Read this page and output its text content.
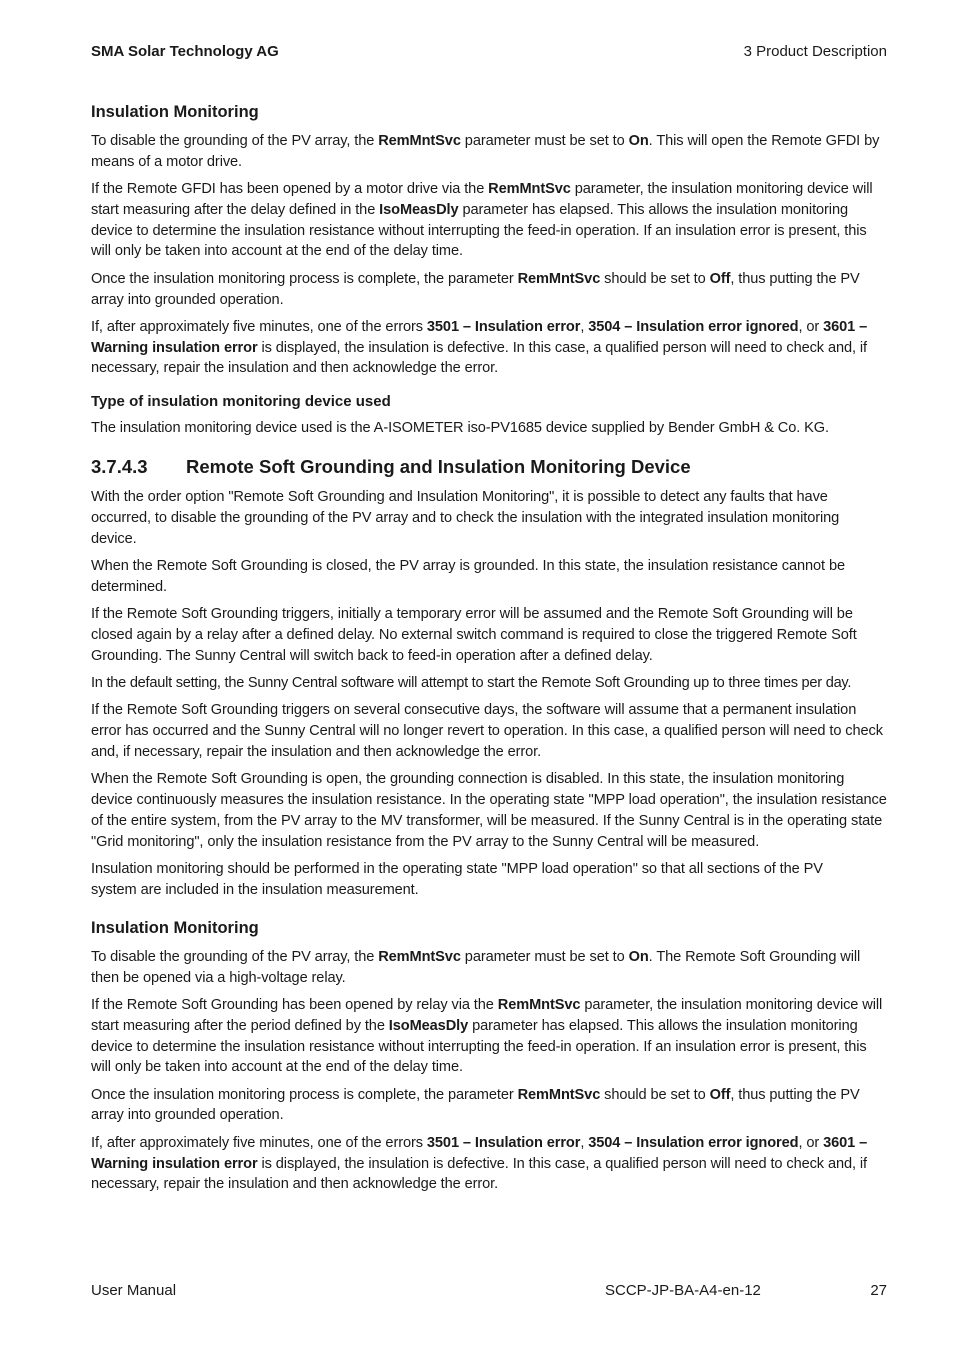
SMA Solar Technology AG	3 Product Description
Insulation Monitoring

To disable the grounding of the PV array, the RemMntSvc parameter must be set to On. This will open the Remote GFDI by means of a motor drive.

If the Remote GFDI has been opened by a motor drive via the RemMntSvc parameter, the insulation monitoring device will start measuring after the delay defined in the IsoMeasDly parameter has elapsed. This allows the insulation monitoring device to determine the insulation resistance without interrupting the feed-in operation. If an insulation error is present, this will only be taken into account at the end of the delay time.

Once the insulation monitoring process is complete, the parameter RemMntSvc should be set to Off, thus putting the PV array into grounded operation.

If, after approximately five minutes, one of the errors 3501 – Insulation error, 3504 – Insulation error ignored, or 3601 – Warning insulation error is displayed, the insulation is defective. In this case, a qualified person will need to check and, if necessary, repair the insulation and then acknowledge the error.

Type of insulation monitoring device used

The insulation monitoring device used is the A-ISOMETER iso-PV1685 device supplied by Bender GmbH & Co. KG.

3.7.4.3 Remote Soft Grounding and Insulation Monitoring Device

With the order option "Remote Soft Grounding and Insulation Monitoring", it is possible to detect any faults that have occurred, to disable the grounding of the PV array and to check the insulation with the integrated insulation monitoring device.

When the Remote Soft Grounding is closed, the PV array is grounded. In this state, the insulation resistance cannot be determined.

If the Remote Soft Grounding triggers, initially a temporary error will be assumed and the Remote Soft Grounding will be closed again by a relay after a defined delay. No external switch command is required to close the triggered Remote Soft Grounding. The Sunny Central will switch back to feed-in operation after a defined delay.

In the default setting, the Sunny Central software will attempt to start the Remote Soft Grounding up to three times per day.

If the Remote Soft Grounding triggers on several consecutive days, the software will assume that a permanent insulation error has occurred and the Sunny Central will no longer revert to operation. In this case, a qualified person will need to check and, if necessary, repair the insulation and then acknowledge the error.

When the Remote Soft Grounding is open, the grounding connection is disabled. In this state, the insulation monitoring device continuously measures the insulation resistance. In the operating state "MPP load operation", the insulation resistance of the entire system, from the PV array to the MV transformer, will be measured. If the Sunny Central is in the operating state "Grid monitoring", only the insulation resistance from the PV array to the Sunny Central will be measured.

Insulation monitoring should be performed in the operating state "MPP load operation" so that all sections of the PV system are included in the insulation measurement.

Insulation Monitoring

To disable the grounding of the PV array, the RemMntSvc parameter must be set to On. The Remote Soft Grounding will then be opened via a high-voltage relay.

If the Remote Soft Grounding has been opened by relay via the RemMntSvc parameter, the insulation monitoring device will start measuring after the period defined by the IsoMeasDly parameter has elapsed. This allows the insulation monitoring device to determine the insulation resistance without interrupting the feed-in operation. If an insulation error is present, this will only be taken into account at the end of the delay time.

Once the insulation monitoring process is complete, the parameter RemMntSvc should be set to Off, thus putting the PV array into grounded operation.

If, after approximately five minutes, one of the errors 3501 – Insulation error, 3504 – Insulation error ignored, or 3601 – Warning insulation error is displayed, the insulation is defective. In this case, a qualified person will need to check and, if necessary, repair the insulation and then acknowledge the error.

User Manual	SCCP-JP-BA-A4-en-12	27
